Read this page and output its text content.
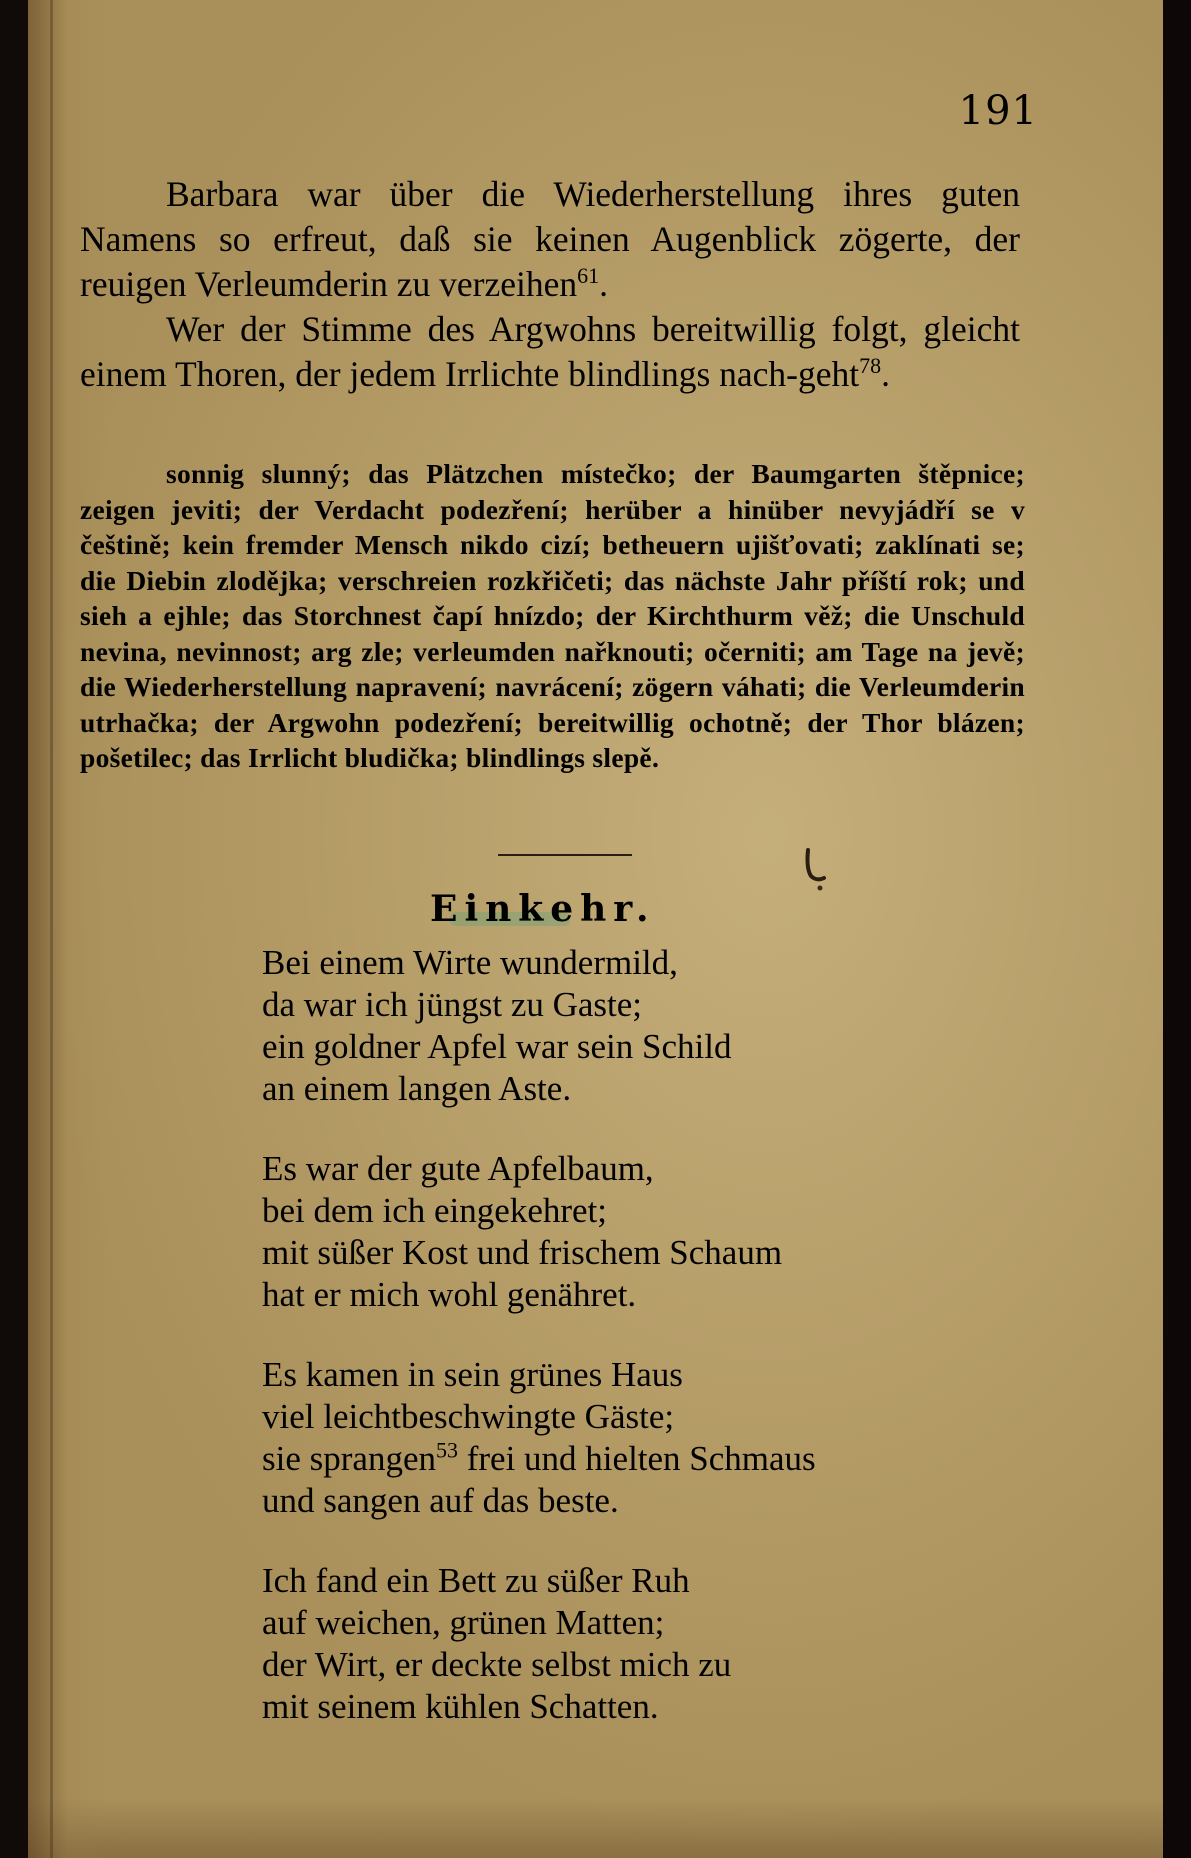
191

Barbara war über die Wiederherstellung ihres guten Namens so erfreut, daß sie keinen Augenblick zögerte, der reuigen Verleumderin zu verzeihen$^{61}$.

Wer der Stimme des Argwohns bereitwillig folgt, gleicht einem Thoren, der jedem Irrlichte blindlings nach-geht$^{78}$.

sonnig slunný; das Plätzchen místečko; der Baumgarten štěpnice; zeigen jeviti; der Verdacht podezření; herüber a hinüber nevyjádří se v češtině; kein fremder Mensch nikdo cizí; betheuern ujišťovati; zaklínati se; die Diebin zlodějka; verschreien rozkřičeti; das nächste Jahr příští rok; und sieh a ejhle; das Storchnest čapí hnízdo; der Kirchthurm věž; die Unschuld nevina, nevinnost; arg zle; verleumden nařknouti; očerniti; am Tage na jevě; die Wiederherstellung napravení; navrácení; zögern váhati; die Verleumderin utrhačka; der Argwohn podezření; bereitwillig ochotně; der Thor blázen; pošetilec; das Irrlicht bludička; blindlings slepě.
Einkehr.
Bei einem Wirte wundermild,
da war ich jüngst zu Gaste;
ein goldner Apfel war sein Schild
an einem langen Aste.
Es war der gute Apfelbaum,
bei dem ich eingekehret;
mit süßer Kost und frischem Schaum
hat er mich wohl genähret.
Es kamen in sein grünes Haus
viel leichtbeschwingte Gäste;
sie sprangen$^{53}$ frei und hielten Schmaus
und sangen auf das beste.
Ich fand ein Bett zu süßer Ruh
auf weichen, grünen Matten;
der Wirt, er deckte selbst mich zu
mit seinem kühlen Schatten.
